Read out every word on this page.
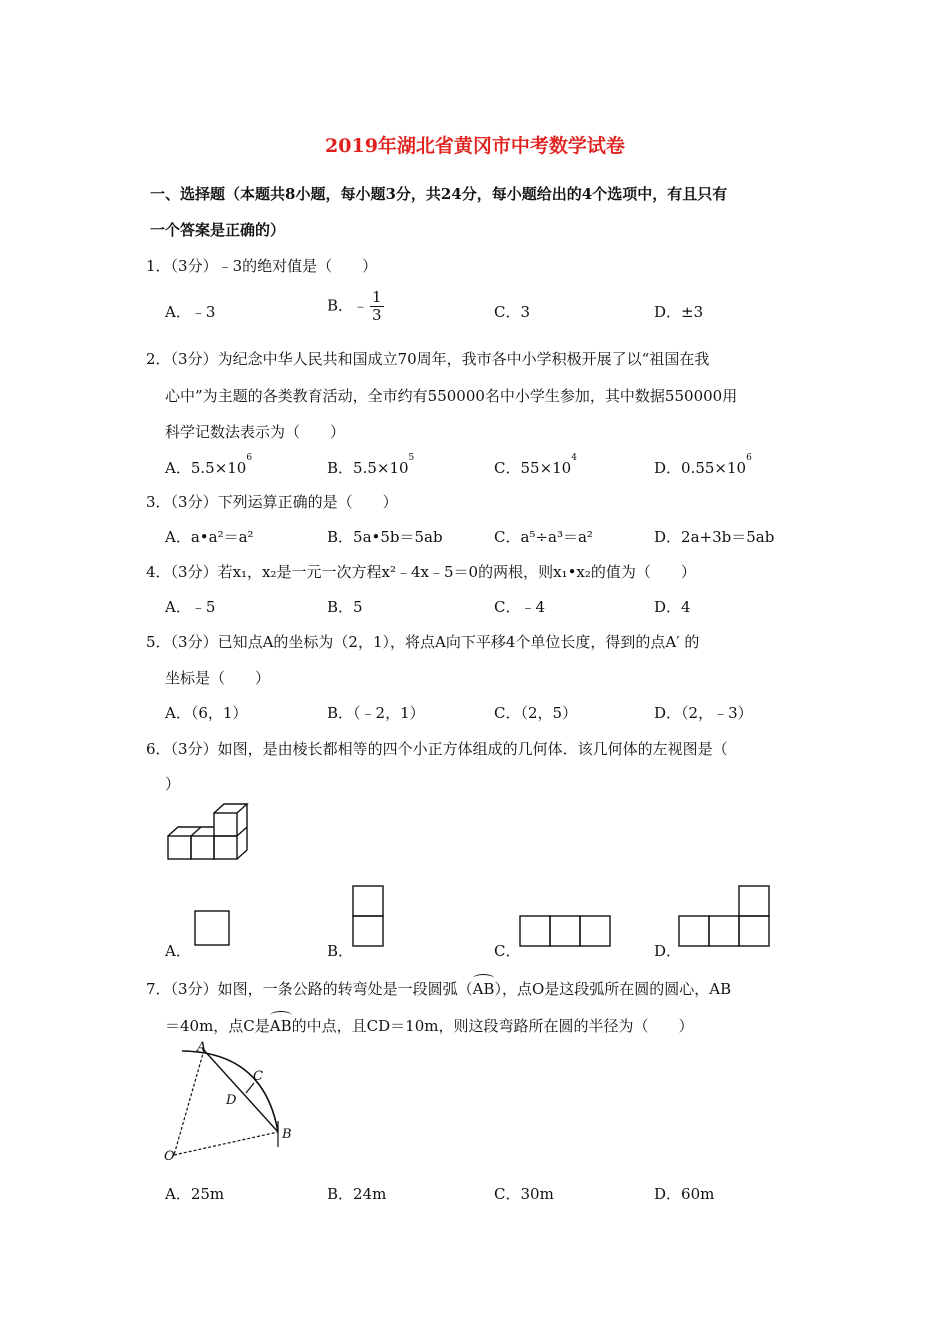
2019年湖北省黄冈市中考数学试卷
一、选择题（本题共8小题，每小题3分，共24分，每小题给出的4个选项中，有且只有
一个答案是正确的）
1．（3分）﹣3的绝对值是（　　）
A．﹣3	B．﹣ $\frac{1}{3}$	C．3	D．±3
2．（3分）为纪念中华人民共和国成立70周年，我市各中小学积极开展了以“祖国在我
心中”为主题的各类教育活动，全市约有550000名中小学生参加，其中数据550000用
科学记数法表示为（　　）
A．$5.5\times 10^6$
B．$5.5\times 10^5$
C．$55\times 10^4$
D．$0.55\times 10^6$
3．（3分）下列运算正确的是（　　）
A．a•a²＝a²	B．5a•5b＝5ab	C．a⁵÷a³＝a²	D．2a+3b＝5ab
4．（3分）若x₁，x₂是一元一次方程x²﹣4x﹣5＝0的两根，则x₁•x₂的值为（　　）
A．﹣5	B．5	C．﹣4	D．4
5．（3分）已知点A的坐标为（2，1），将点A向下平移4个单位长度，得到的点A′ 的
坐标是（　　）
A．（6，1）	B．（﹣2，1）	C．（2，5）	D．（2，﹣3）
6．（3分）如图，是由棱长都相等的四个小正方体组成的几何体．该几何体的左视图是（
）
A．	B．	C．	D．
7．（3分）如图，一条公路的转弯处是一段圆弧（AB），点O是这段弧所在圆的圆心，AB
＝40m，点C是AB的中点，且CD＝10m，则这段弯路所在圆的半径为（　　）
A
C
D
B
O
A．25m	B．24m	C．30m	D．60m
